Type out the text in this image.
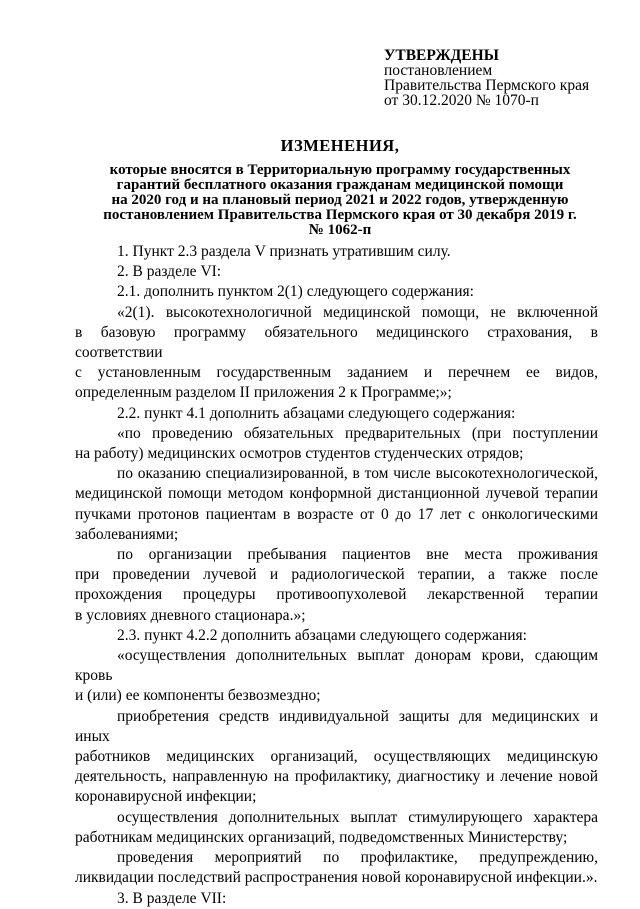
УТВЕРЖДЕНЫ
постановлением
Правительства Пермского края
от 30.12.2020 № 1070-п
ИЗМЕНЕНИЯ,
которые вносятся в Территориальную программу государственных
гарантий бесплатного оказания гражданам медицинской помощи
на 2020 год и на плановый период 2021 и 2022 годов, утвержденную
постановлением Правительства Пермского края от 30 декабря 2019 г.
№ 1062-п

1. Пункт 2.3 раздела V признать утратившим силу.

2. В разделе VI:

2.1. дополнить пунктом 2(1) следующего содержания:

«2(1). высокотехнологичной медицинской помощи, не включенной

в базовую программу обязательного медицинского страхования, в соответствии

с установленным государственным заданием и перечнем ее видов,

определенным разделом II приложения 2 к Программе;»;

2.2. пункт 4.1 дополнить абзацами следующего содержания:

«по проведению обязательных предварительных (при поступлении

на работу) медицинских осмотров студентов студенческих отрядов;

по оказанию специализированной, в том числе высокотехнологической,

медицинской помощи методом конформной дистанционной лучевой терапии

пучками протонов пациентам в возрасте от 0 до 17 лет с онкологическими

заболеваниями;

по организации пребывания пациентов вне места проживания

при проведении лучевой и радиологической терапии, а также после

прохождения процедуры противоопухолевой лекарственной терапии

в условиях дневного стационара.»;

2.3. пункт 4.2.2 дополнить абзацами следующего содержания:

«осуществления дополнительных выплат донорам крови, сдающим кровь

и (или) ее компоненты безвозмездно;

приобретения средств индивидуальной защиты для медицинских и иных

работников медицинских организаций, осуществляющих медицинскую

деятельность, направленную на профилактику, диагностику и лечение новой

коронавирусной инфекции;

осуществления дополнительных выплат стимулирующего характера

работникам медицинских организаций, подведомственных Министерству;

проведения мероприятий по профилактике, предупреждению,

ликвидации последствий распространения новой коронавирусной инфекции.».

3. В разделе VII:
